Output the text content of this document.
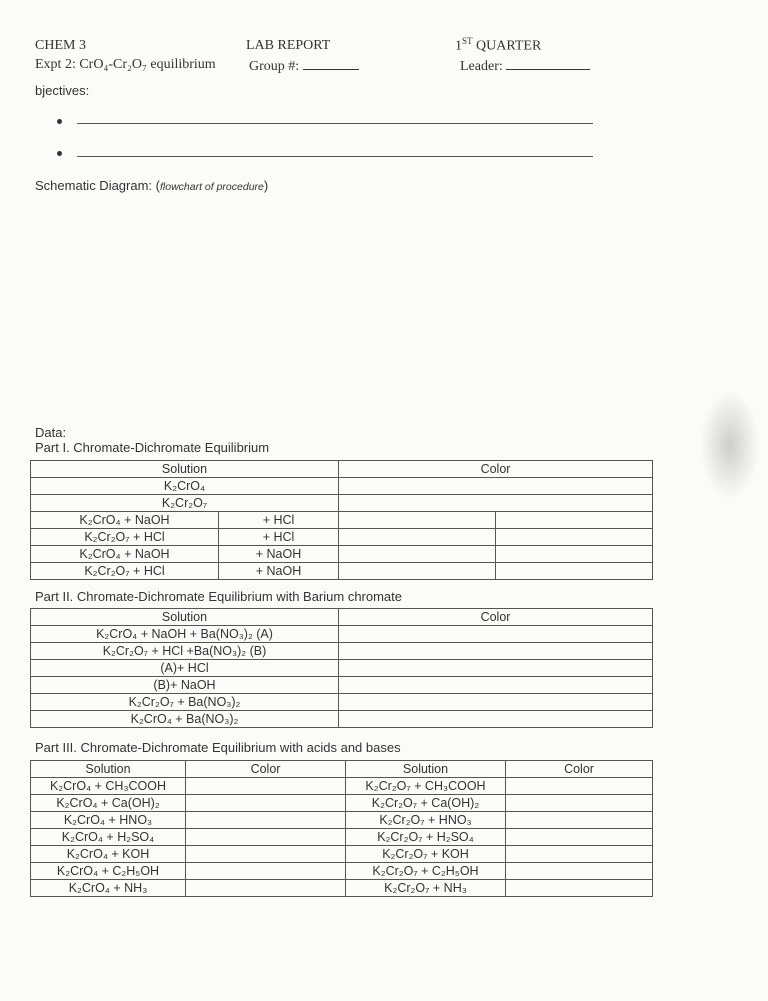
CHEM 3
Expt 2: CrO₄-Cr₂O₇ equilibrium
LAB REPORT
Group #:
1ST QUARTER
Leader:
bjectives:
Schematic Diagram: (flowchart of procedure)
Data:
Part I. Chromate-Dichromate Equilibrium
Solution		Color	
K₂CrO₄			
K₂Cr₂O₇			
K₂CrO₄ + NaOH	+ HCl		
K₂Cr₂O₇ + HCl	+ HCl		
K₂CrO₄ + NaOH	+ NaOH		
K₂Cr₂O₇ + HCl	+ NaOH		
Part II. Chromate-Dichromate Equilibrium with Barium chromate
Solution	Color
K₂CrO₄ + NaOH + Ba(NO₃)₂ (A)	
K₂Cr₂O₇ + HCl +Ba(NO₃)₂ (B)	
(A)+ HCl	
(B)+ NaOH	
K₂Cr₂O₇ + Ba(NO₃)₂	
K₂CrO₄ + Ba(NO₃)₂	
Part III. Chromate-Dichromate Equilibrium with acids and bases
Solution	Color	Solution	Color
K₂CrO₄ + CH₃COOH		K₂Cr₂O₇ + CH₃COOH	
K₂CrO₄ + Ca(OH)₂		K₂Cr₂O₇ + Ca(OH)₂	
K₂CrO₄ + HNO₃		K₂Cr₂O₇ + HNO₃	
K₂CrO₄ + H₂SO₄		K₂Cr₂O₇ + H₂SO₄	
K₂CrO₄ + KOH		K₂Cr₂O₇ + KOH	
K₂CrO₄ + C₂H₅OH		K₂Cr₂O₇ + C₂H₅OH	
K₂CrO₄ + NH₃		K₂Cr₂O₇ + NH₃	
